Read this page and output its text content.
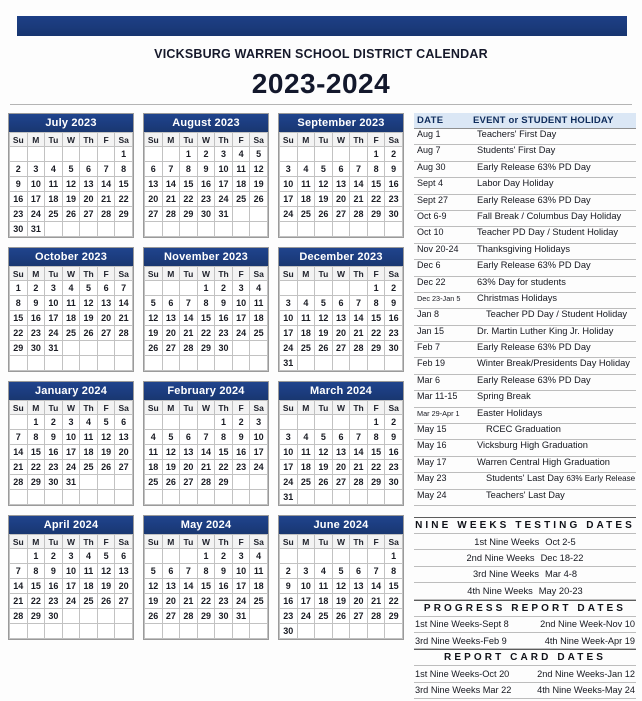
VICKSBURG WARREN SCHOOL DISTRICT CALENDAR
2023-2024
July 2023
Su	M	Tu	W	Th	F	Sa
						1
2	3	4	5	6	7	8
9	10	11	12	13	14	15
16	17	18	19	20	21	22
23	24	25	26	27	28	29
30	31					
August 2023
Su	M	Tu	W	Th	F	Sa
		1	2	3	4	5
6	7	8	9	10	11	12
13	14	15	16	17	18	19
20	21	22	23	24	25	26
27	28	29	30	31		

September 2023
Su	M	Tu	W	Th	F	Sa
					1	2
3	4	5	6	7	8	9
10	11	12	13	14	15	16
17	18	19	20	21	22	23
24	25	26	27	28	29	30

October 2023
Su	M	Tu	W	Th	F	Sa
1	2	3	4	5	6	7
8	9	10	11	12	13	14
15	16	17	18	19	20	21
22	23	24	25	26	27	28
29	30	31				

November 2023
Su	M	Tu	W	Th	F	Sa
			1	2	3	4
5	6	7	8	9	10	11
12	13	14	15	16	17	18
19	20	21	22	23	24	25
26	27	28	29	30		

December 2023
Su	M	Tu	W	Th	F	Sa
					1	2
3	4	5	6	7	8	9
10	11	12	13	14	15	16
17	18	19	20	21	22	23
24	25	26	27	28	29	30
31						
January 2024
Su	M	Tu	W	Th	F	Sa
	1	2	3	4	5	6
7	8	9	10	11	12	13
14	15	16	17	18	19	20
21	22	23	24	25	26	27
28	29	30	31			

February 2024
Su	M	Tu	W	Th	F	Sa
				1	2	3
4	5	6	7	8	9	10
11	12	13	14	15	16	17
18	19	20	21	22	23	24
25	26	27	28	29		

March 2024
Su	M	Tu	W	Th	F	Sa
					1	2
3	4	5	6	7	8	9
10	11	12	13	14	15	16
17	18	19	20	21	22	23
24	25	26	27	28	29	30
31						
April 2024
Su	M	Tu	W	Th	F	Sa
	1	2	3	4	5	6
7	8	9	10	11	12	13
14	15	16	17	18	19	20
21	22	23	24	25	26	27
28	29	30				

May 2024
Su	M	Tu	W	Th	F	Sa
			1	2	3	4
5	6	7	8	9	10	11
12	13	14	15	16	17	18
19	20	21	22	23	24	25
26	27	28	29	30	31	

June 2024
Su	M	Tu	W	Th	F	Sa
						1
2	3	4	5	6	7	8
9	10	11	12	13	14	15
16	17	18	19	20	21	22
23	24	25	26	27	28	29
30						
DATE	EVENT or STUDENT HOLIDAY
Aug 1	Teachers' First Day
Aug 7	Students' First Day
Aug 30	Early Release 63% PD Day
Sept 4	Labor Day Holiday
Sept 27	Early Release 63% PD Day
Oct 6-9	Fall Break / Columbus Day Holiday
Oct 10	Teacher PD Day / Student Holiday
Nov 20-24	Thanksgiving Holidays
Dec 6	Early Release 63% PD Day
Dec 22	63% Day for students
Dec 23-Jan 5	Christmas Holidays
Jan 8	Teacher PD Day / Student Holiday
Jan 15	Dr. Martin Luther King Jr. Holiday
Feb 7	Early Release 63% PD Day
Feb 19	Winter Break/Presidents Day Holiday
Mar 6	Early Release 63% PD Day
Mar 11-15	Spring Break
Mar 29-Apr 1	Easter Holidays
May 15	RCEC Graduation
May 16	Vicksburg High Graduation
May 17	Warren Central High Graduation
May 23	Students' Last Day 63% Early Release
May 24	Teachers' Last Day
NINE WEEKS TESTING DATES
1st Nine Weeks Oct 2-5
2nd Nine Weeks Dec 18-22
3rd Nine Weeks Mar 4-8
4th Nine Weeks May 20-23
PROGRESS REPORT DATES
1st Nine Weeks-Sept 8	2nd Nine Week-Nov 10
3rd Nine Weeks-Feb 9	4th Nine Week-Apr 19
REPORT CARD DATES
1st Nine Weeks-Oct 20	2nd Nine Weeks-Jan 12
3rd Nine Weeks Mar 22	4th Nine Weeks-May 24
